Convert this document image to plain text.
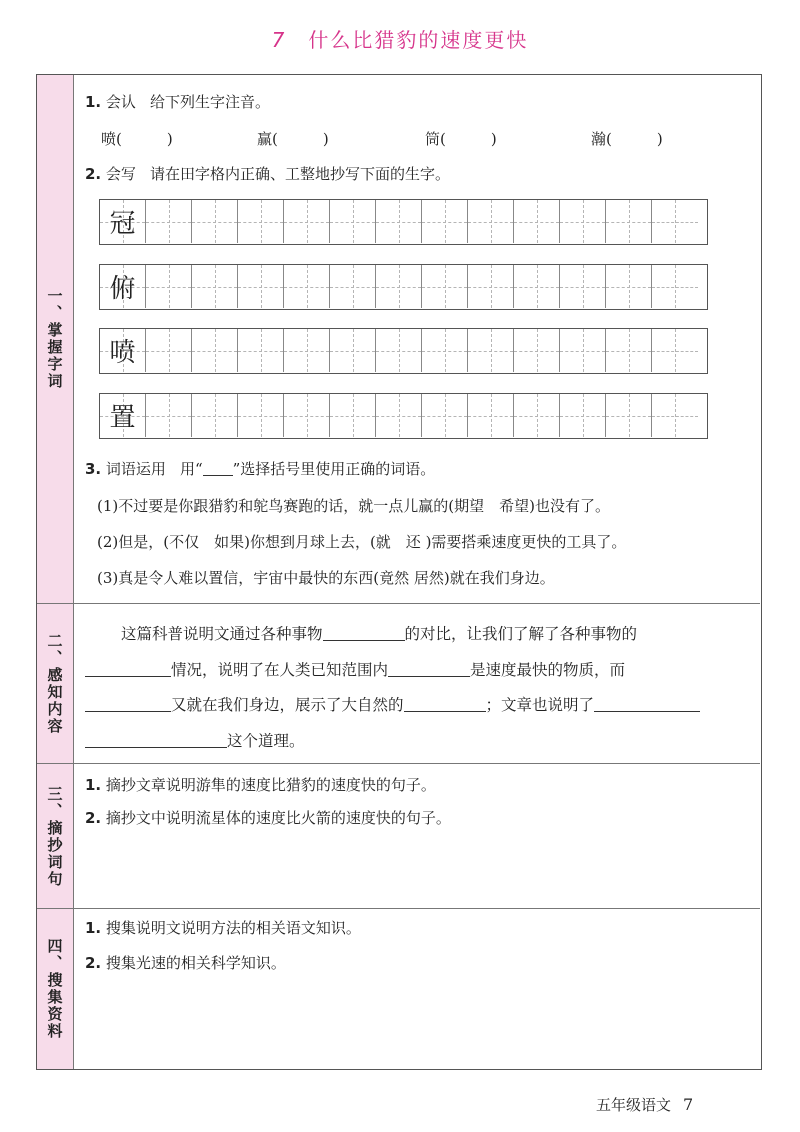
7 什么比猎豹的速度更快
一、掌握字词
1. 会认 给下列生字注音。
喷(　　　)	赢(　　　)	筒(　　　)	瀚(　　　)
2. 会写 请在田字格内正确、工整地抄写下面的生字。
冠
俯
喷
置
3. 词语运用 用“ ”选择括号里使用正确的词语。
(1)不过要是你跟猎豹和鸵鸟赛跑的话，就一点儿赢的(期望　希望)也没有了。
(2)但是，(不仅　如果)你想到月球上去，(就　还 )需要搭乘速度更快的工具了。
(3)真是令人难以置信，宇宙中最快的东西(竟然 居然)就在我们身边。
二、感知内容	这篇科普说明文通过各种事物	的对比，让我们了解了各种事物的
情况，说明了在人类已知范围内	是速度最快的物质，而
又就在我们身边，展示了大自然的	；文章也说明了
这个道理。
三、摘抄词句
1. 摘抄文章说明游隼的速度比猎豹的速度快的句子。
2. 摘抄文中说明流星体的速度比火箭的速度快的句子。
四、搜集资料
1. 搜集说明文说明方法的相关语文知识。
2. 搜集光速的相关科学知识。
五年级语文 7
